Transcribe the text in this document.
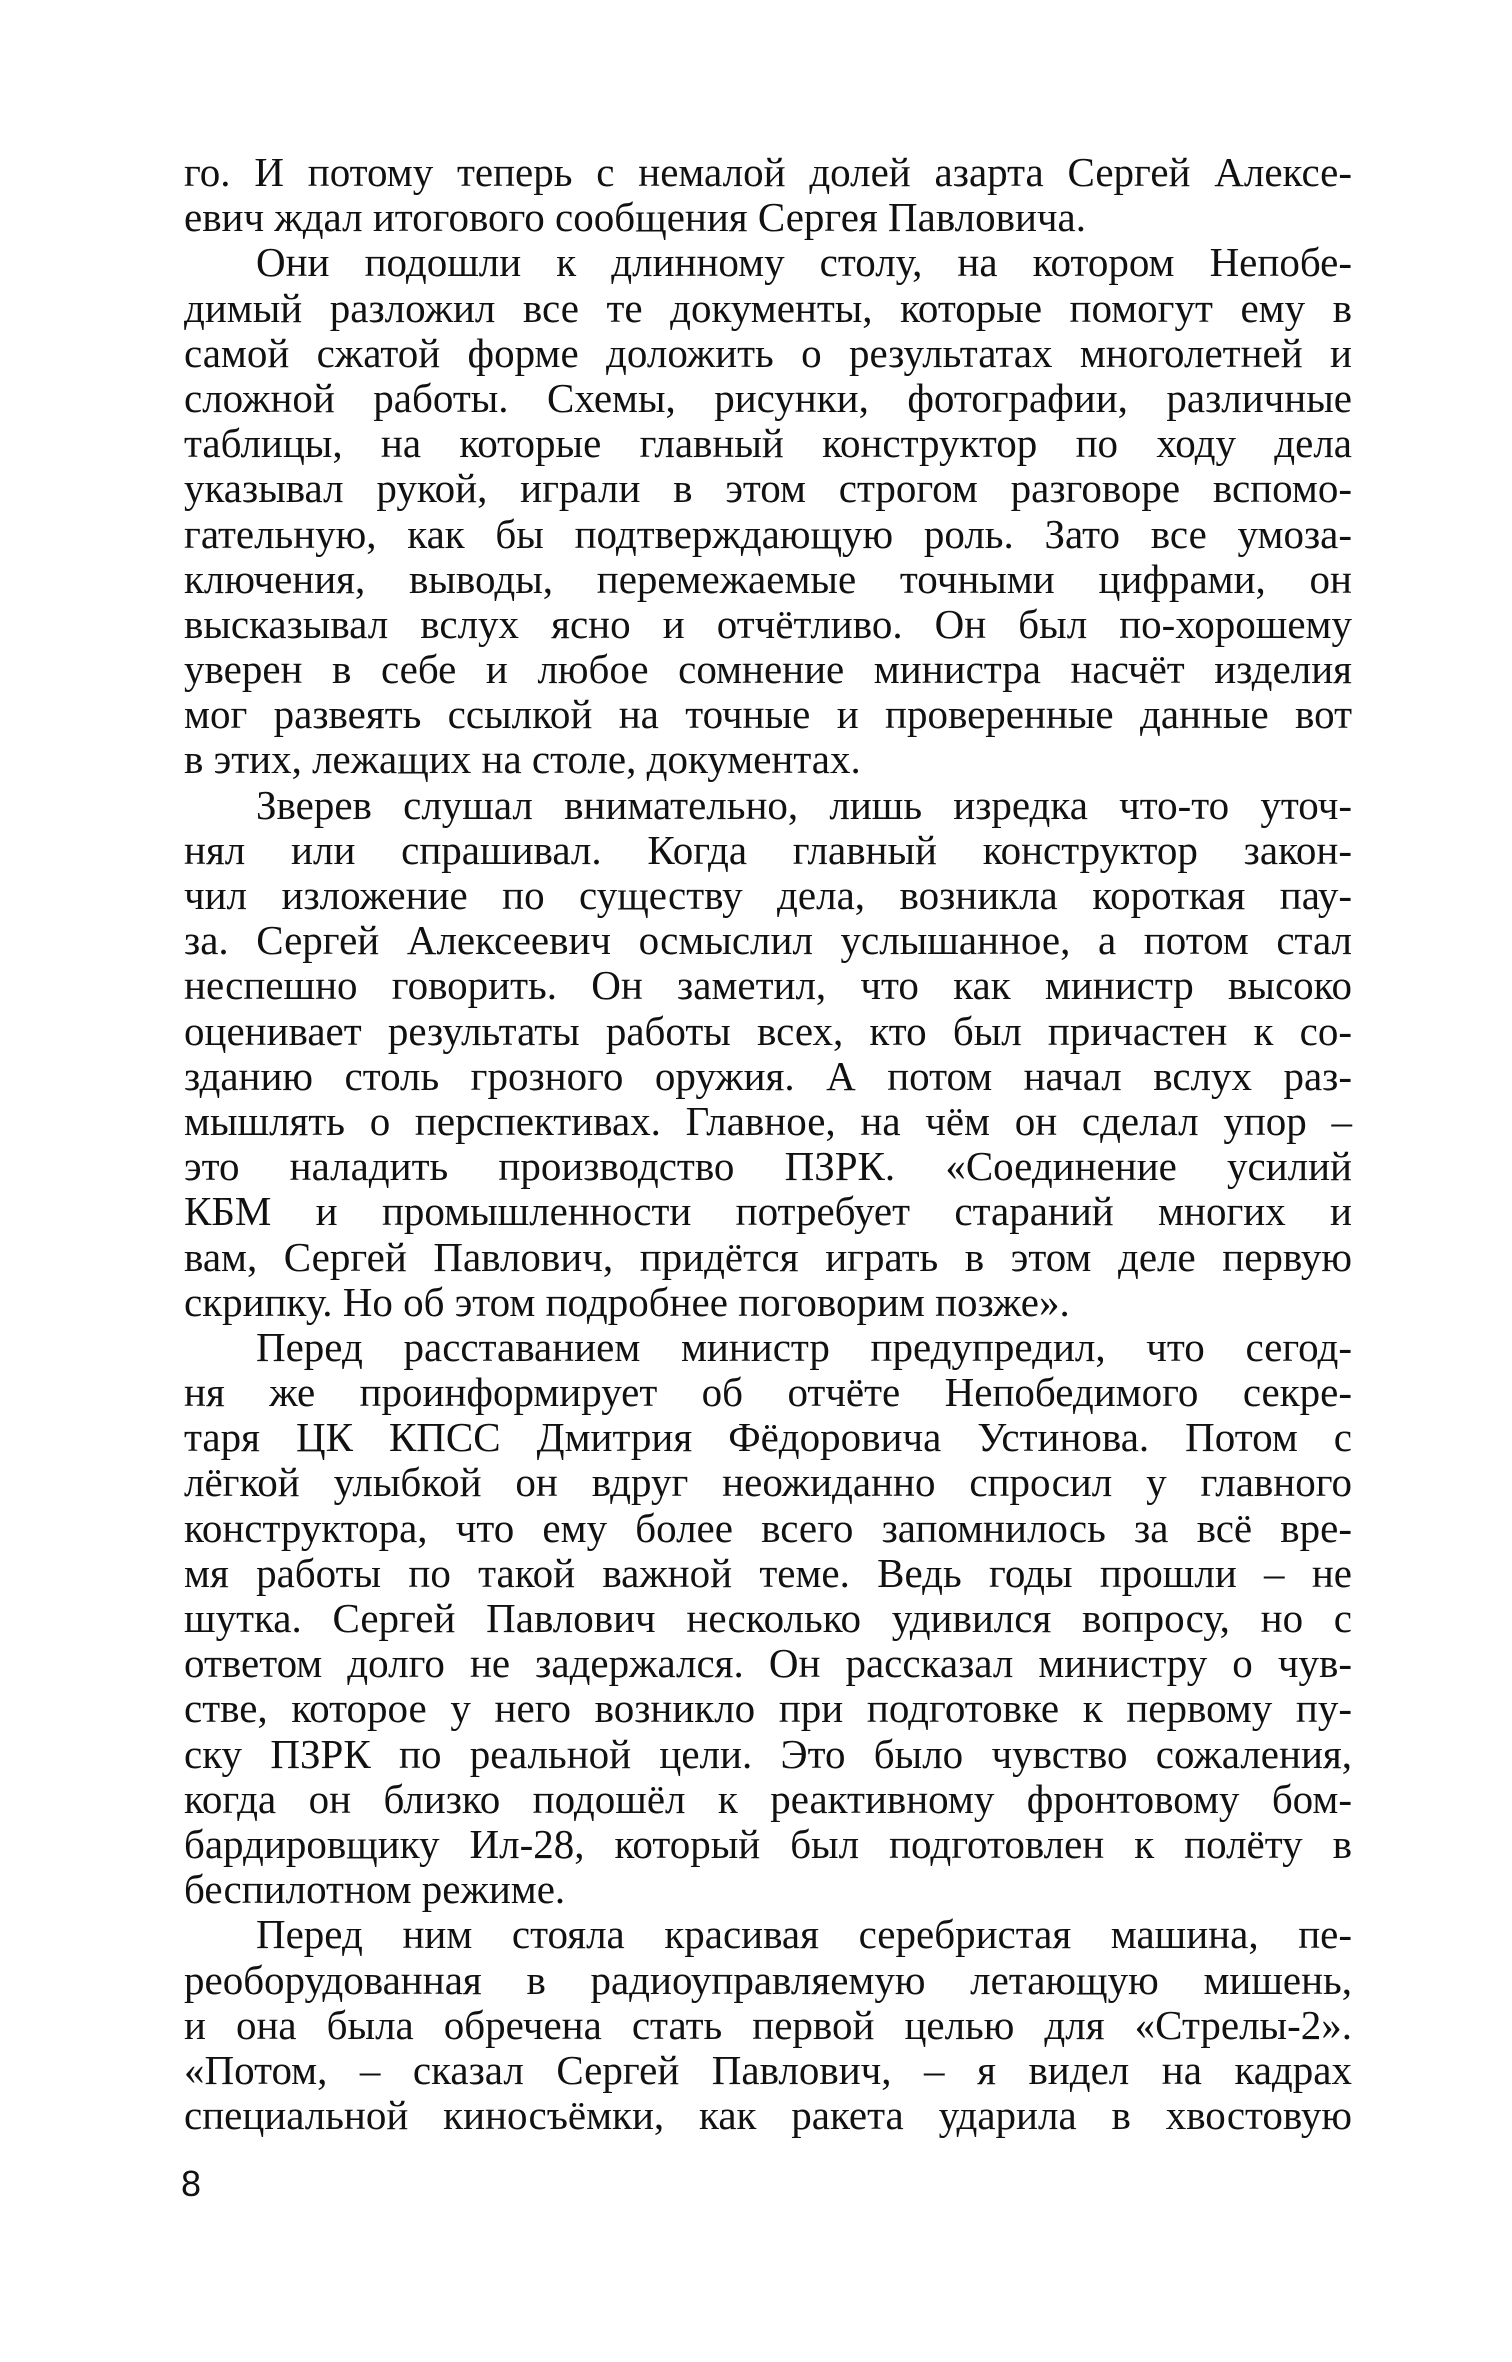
го. И потому теперь с немалой долей азарта Сергей Алексе-
евич ждал итогового сообщения Сергея Павловича.

Они подошли к длинному столу, на котором Непобе-
димый разложил все те документы, которые помогут ему в
самой сжатой форме доложить о результатах многолетней и
сложной работы. Схемы, рисунки, фотографии, различные
таблицы, на которые главный конструктор по ходу дела
указывал рукой, играли в этом строгом разговоре вспомо-
гательную, как бы подтверждающую роль. Зато все умоза-
ключения, выводы, перемежаемые точными цифрами, он
высказывал вслух ясно и отчётливо. Он был по-хорошему
уверен в себе и любое сомнение министра насчёт изделия
мог развеять ссылкой на точные и проверенные данные вот
в этих, лежащих на столе, документах.

Зверев слушал внимательно, лишь изредка что-то уточ-
нял или спрашивал. Когда главный конструктор закон-
чил изложение по существу дела, возникла короткая пау-
за. Сергей Алексеевич осмыслил услышанное, а потом стал
неспешно говорить. Он заметил, что как министр высоко
оценивает результаты работы всех, кто был причастен к со-
зданию столь грозного оружия. А потом начал вслух раз-
мышлять о перспективах. Главное, на чём он сделал упор –
это наладить производство ПЗРК. «Соединение усилий
КБМ и промышленности потребует стараний многих и
вам, Сергей Павлович, придётся играть в этом деле первую
скрипку. Но об этом подробнее поговорим позже».

Перед расставанием министр предупредил, что сегод-
ня же проинформирует об отчёте Непобедимого секре-
таря ЦК КПСС Дмитрия Фёдоровича Устинова. Потом с
лёгкой улыбкой он вдруг неожиданно спросил у главного
конструктора, что ему более всего запомнилось за всё вре-
мя работы по такой важной теме. Ведь годы прошли – не
шутка. Сергей Павлович несколько удивился вопросу, но с
ответом долго не задержался. Он рассказал министру о чув-
стве, которое у него возникло при подготовке к первому пу-
ску ПЗРК по реальной цели. Это было чувство сожаления,
когда он близко подошёл к реактивному фронтовому бом-
бардировщику Ил-28, который был подготовлен к полёту в
беспилотном режиме.

Перед ним стояла красивая серебристая машина, пе-
реоборудованная в радиоуправляемую летающую мишень,
и она была обречена стать первой целью для «Стрелы-2».
«Потом, – сказал Сергей Павлович, – я видел на кадрах
специальной киносъёмки, как ракета ударила в хвостовую

8
